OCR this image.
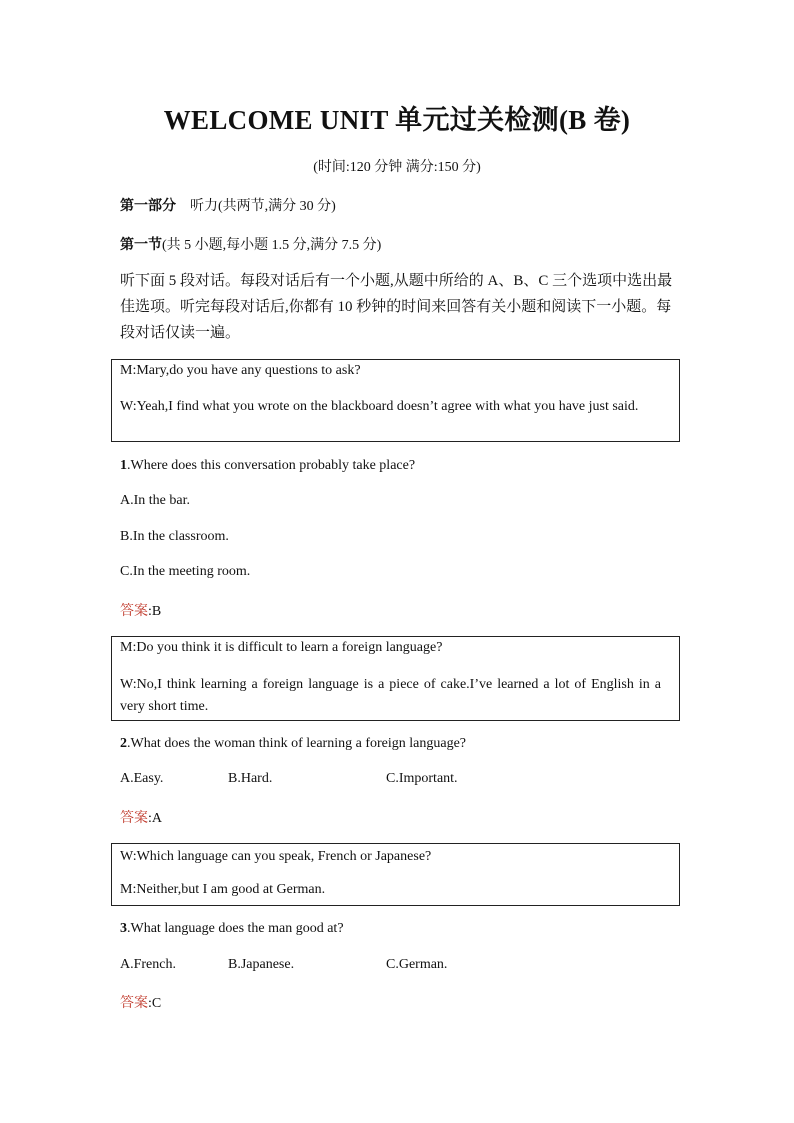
WELCOME UNIT 单元过关检测(B 卷)
(时间:120 分钟 满分:150 分)
第一部分 听力(共两节,满分 30 分)
第一节(共 5 小题,每小题 1.5 分,满分 7.5 分)
听下面 5 段对话。每段对话后有一个小题,从题中所给的 A、B、C 三个选项中选出最佳选项。听完每段对话后,你都有 10 秒钟的时间来回答有关小题和阅读下一小题。每段对话仅读一遍。
M:Mary,do you have any questions to ask?
W:Yeah,I find what you wrote on the blackboard doesn’t agree with what you have just said.
1.Where does this conversation probably take place?
A.In the bar.
B.In the classroom.
C.In the meeting room.
答案:B
M:Do you think it is difficult to learn a foreign language?
W:No,I think learning a foreign language is a piece of cake.I’ve learned a lot of English in a very short time.
2.What does the woman think of learning a foreign language?
A.Easy.	B.Hard.	C.Important.
答案:A
W:Which language can you speak, French or Japanese?
M:Neither,but I am good at German.
3.What language does the man good at?
A.French.	B.Japanese.	C.German.
答案:C
